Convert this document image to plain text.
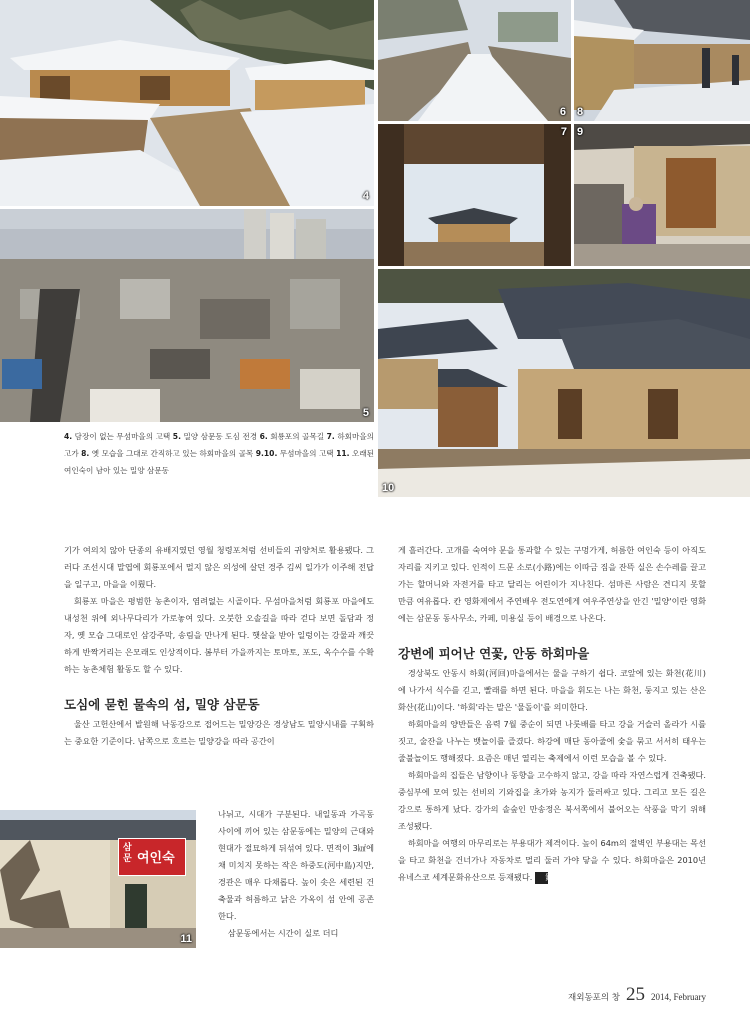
4
6 8
5
7 9
10
삼문 여인숙
11
4. 담장이 없는 무섬마을의 고택 5. 밀양 삼문동 도심 전경 6. 회룡포의 골목길 7. 하회마을의 고가 8. 옛 모습을 그대로 간직하고 있는 하회마을의 골목 9.10. 무섬마을의 고택 11. 오래된 여인숙이 남아 있는 밀양 삼문동

기가 여의치 않아 단종의 유배지였던 영월 청령포처럼 선비들의 귀양처로 활용됐다. 그러다 조선시대 말엽에 회룡포에서 멀지 않은 의성에 살던 경주 김씨 일가가 이주해 전답을 일구고, 마을을 이뤘다.

회룡포 마을은 평범한 농촌이자, 염려없는 시골이다. 무섬마을처럼 회룡포 마을에도 내성천 위에 외나무다리가 가로놓여 있다. 오붓한 오솔길을 따라 걷다 보면 돌담과 정자, 옛 모습 그대로인 삼강주막, 송림을 만나게 된다. 햇살을 받아 일렁이는 강물과 깨끗하게 반짝거리는 은모래도 인상적이다. 봄부터 가을까지는 토마토, 포도, 옥수수를 수확하는 농촌체험 활동도 할 수 있다.

도심에 묻힌 물속의 섬, 밀양 삼문동

울산 고헌산에서 발원해 낙동강으로 접어드는 밀양강은 경상남도 밀양시내를 구획하는 중요한 기준이다. 남쪽으로 흐르는 밀양강을 따라 공간이

나뉘고, 시대가 구분된다. 내일동과 가곡동 사이에 끼어 있는 삼문동에는 밀양의 근대와 현대가 절묘하게 뒤섞여 있다. 면적이 3㎢에 채 미치지 못하는 작은 하중도(河中島)지만, 경관은 매우 다채롭다. 높이 솟은 세련된 건축물과 허름하고 낡은 가옥이 섬 안에 공존한다.

삼문동에서는 시간이 실로 더디

게 흘러간다. 고개를 숙여야 문을 통과할 수 있는 구멍가게, 허름한 여인숙 등이 아직도 자리를 지키고 있다. 인적이 드문 소로(小路)에는 이따금 짐을 잔뜩 실은 손수레를 끌고 가는 할머니와 자전거를 타고 달리는 어린이가 지나친다. 섬마른 사람은 견디지 못할 만큼 여유롭다. 칸 영화제에서 주연배우 전도연에게 여우주연상을 안긴 '밀양'이란 영화에는 삼문동 동사무소, 카페, 미용실 등이 배경으로 나온다.

강변에 피어난 연꽃, 안동 하회마을

경상북도 안동시 하회(河回)마을에서는 물을 구하기 쉽다. 코앞에 있는 화천(花川)에 나가서 식수를 긷고, 빨래를 하면 된다. 마을을 휘도는 나는 화천, 둥지고 있는 산은 화산(花山)이다. '하회'라는 말은 '물돌이'를 의미한다.

하회마을의 양반들은 음력 7월 중순이 되면 나룻배를 타고 강을 거슬러 올라가 시를 짓고, 술잔을 나누는 뱃놀이를 즐겼다. 하강에 매단 동아줄에 숯을 묶고 서서히 태우는 줄불놀이도 행해졌다. 요즘은 매년 열리는 축제에서 이런 모습을 볼 수 있다.

하회마을의 집들은 남향이나 동향을 고수하지 않고, 강을 따라 자연스럽게 건축됐다. 중심부에 모여 있는 선비의 기와집을 초가와 농지가 둘러싸고 있다. 그리고 모든 길은 강으로 통하게 났다. 강가의 솔숲인 만송정은 북서쪽에서 불어오는 삭풍을 막기 위해 조성됐다.

하회마을 여행의 마무리로는 부용대가 제격이다. 높이 64m의 절벽인 부용대는 목선을 타고 화천을 건너가나 자동차로 멀리 둘러 가야 닿을 수 있다. 하회마을은 2010년 유네스코 세계문화유산으로 등재됐다. 鑑

재외동포의 창 25 2014, February
